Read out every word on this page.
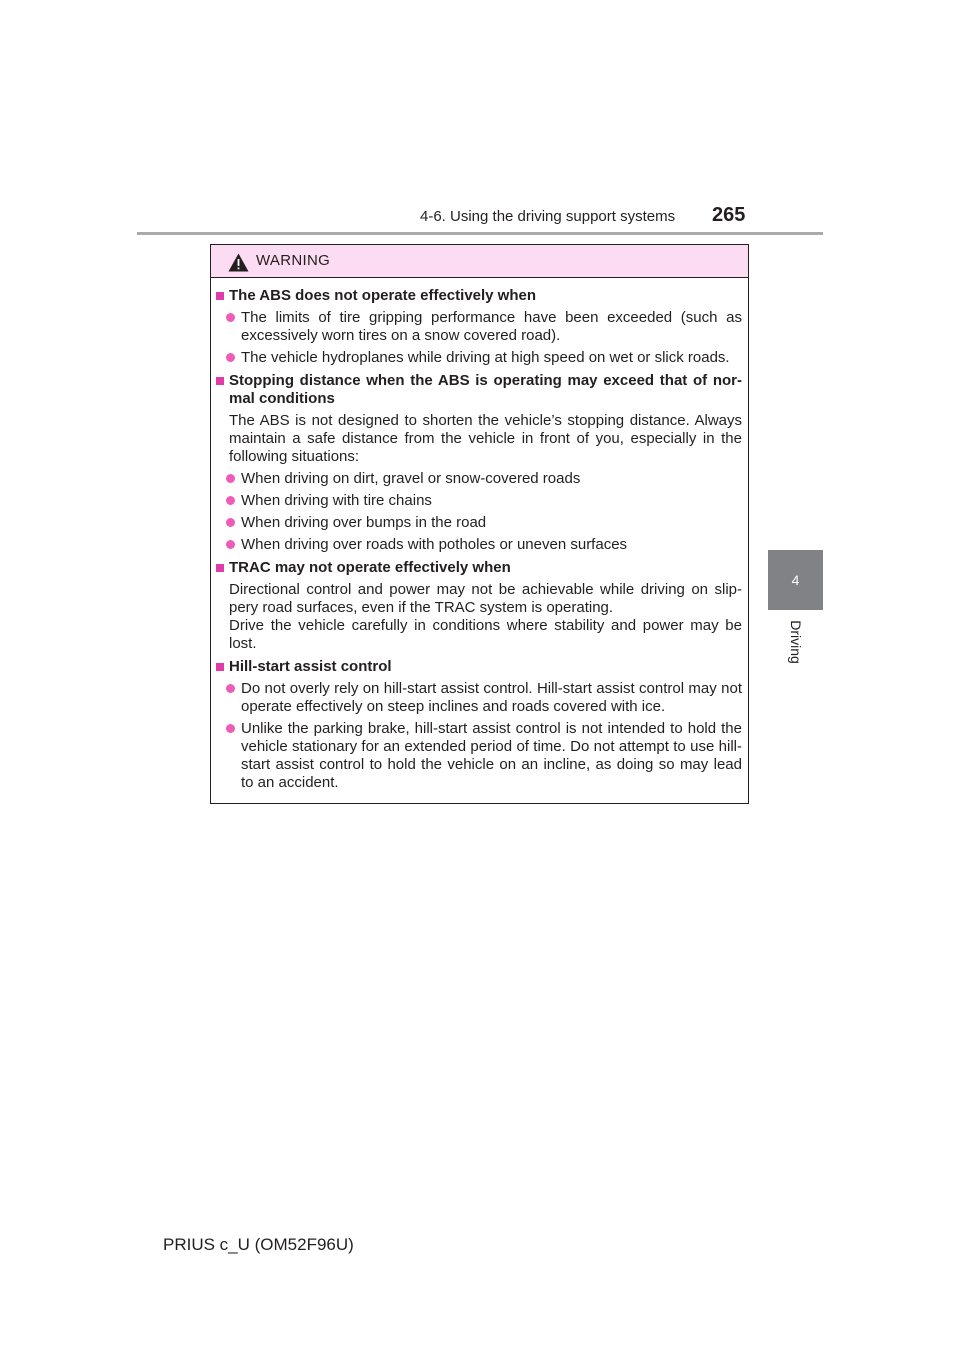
4-6. Using the driving support systems 265
4
Driving
WARNING
The ABS does not operate effectively when
The limits of tire gripping performance have been exceeded (such as excessively worn tires on a snow covered road).
The vehicle hydroplanes while driving at high speed on wet or slick roads.
Stopping distance when the ABS is operating may exceed that of nor-mal conditions
The ABS is not designed to shorten the vehicle’s stopping distance. Always maintain a safe distance from the vehicle in front of you, especially in the following situations:
When driving on dirt, gravel or snow-covered roads
When driving with tire chains
When driving over bumps in the road
When driving over roads with potholes or uneven surfaces
TRAC may not operate effectively when
Directional control and power may not be achievable while driving on slip-pery road surfaces, even if the TRAC system is operating.
Drive the vehicle carefully in conditions where stability and power may be lost.
Hill-start assist control
Do not overly rely on hill-start assist control. Hill-start assist control may not operate effectively on steep inclines and roads covered with ice.
Unlike the parking brake, hill-start assist control is not intended to hold the vehicle stationary for an extended period of time. Do not attempt to use hill-start assist control to hold the vehicle on an incline, as doing so may lead to an accident.
PRIUS c_U (OM52F96U)
